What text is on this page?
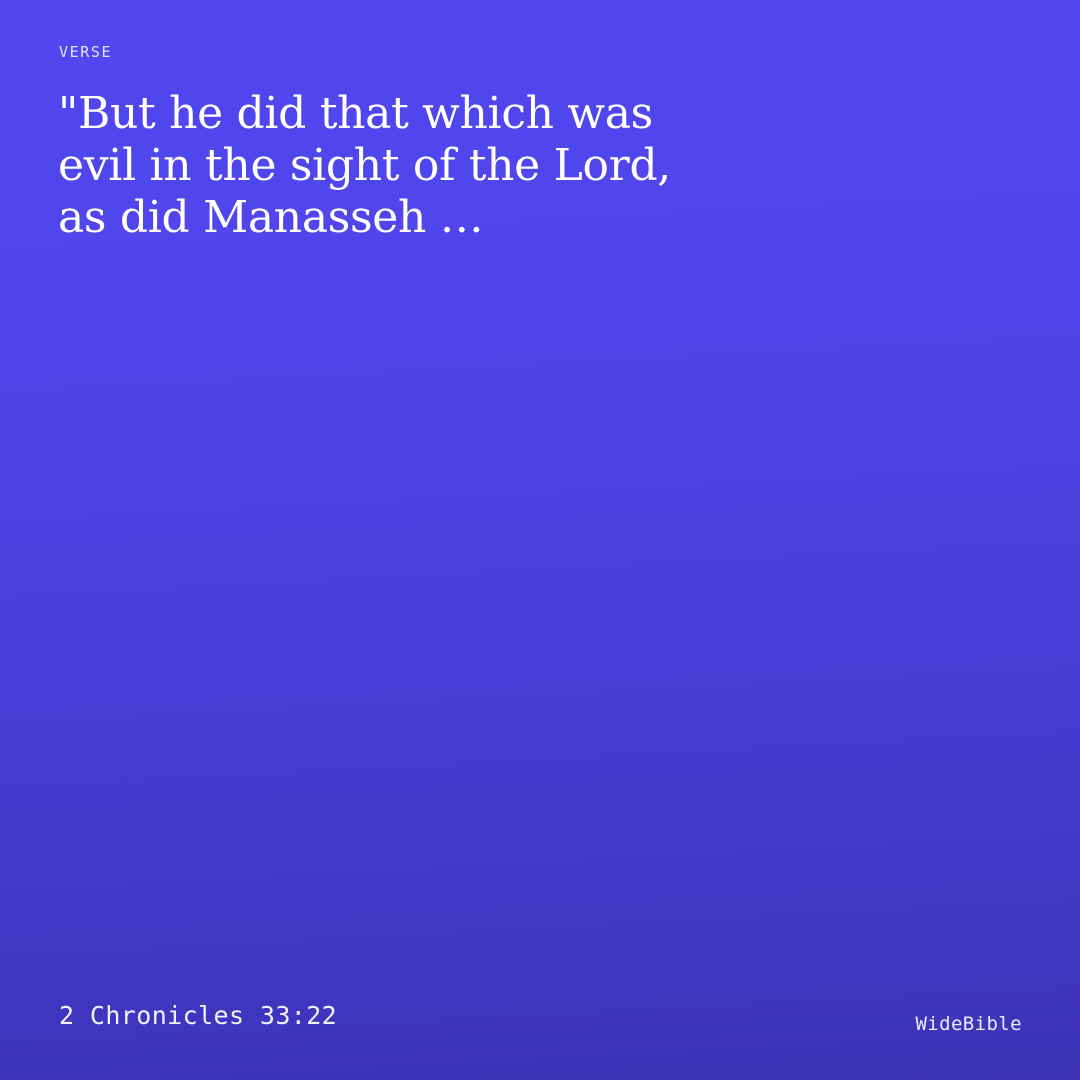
VERSE
"But he did that which was evil in the sight of the Lord, as did Manasseh …
2 Chronicles 33:22	WideBible
